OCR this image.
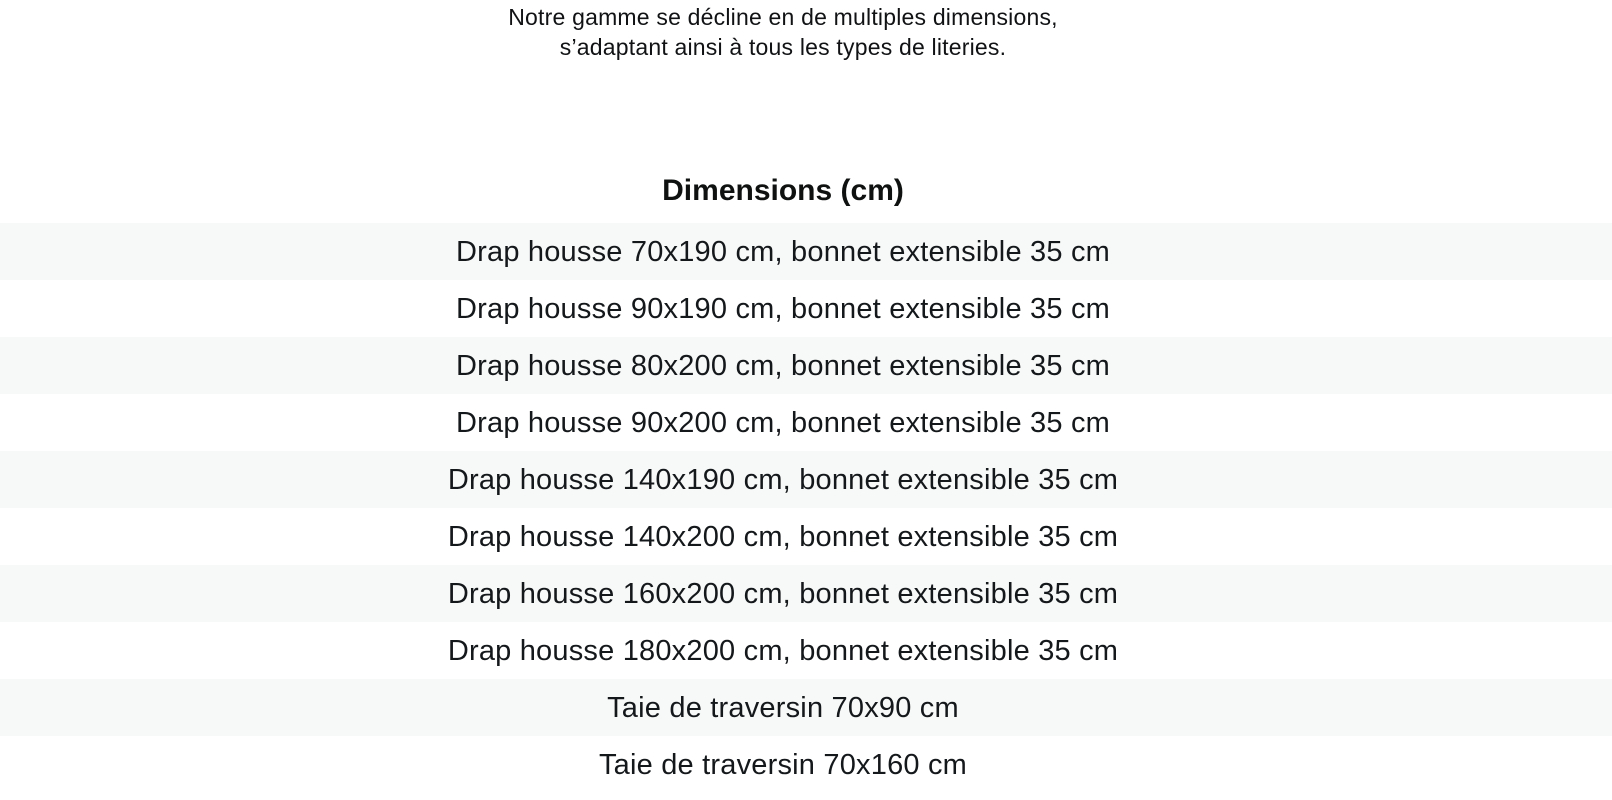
Notre gamme se décline en de multiples dimensions,
s’adaptant ainsi à tous les types de literies.
Dimensions (cm)
Drap housse 70x190 cm, bonnet extensible 35 cm
Drap housse 90x190 cm, bonnet extensible 35 cm
Drap housse 80x200 cm, bonnet extensible 35 cm
Drap housse 90x200 cm, bonnet extensible 35 cm
Drap housse 140x190 cm, bonnet extensible 35 cm
Drap housse 140x200 cm, bonnet extensible 35 cm
Drap housse 160x200 cm, bonnet extensible 35 cm
Drap housse 180x200 cm, bonnet extensible 35 cm
Taie de traversin 70x90 cm
Taie de traversin 70x160 cm
